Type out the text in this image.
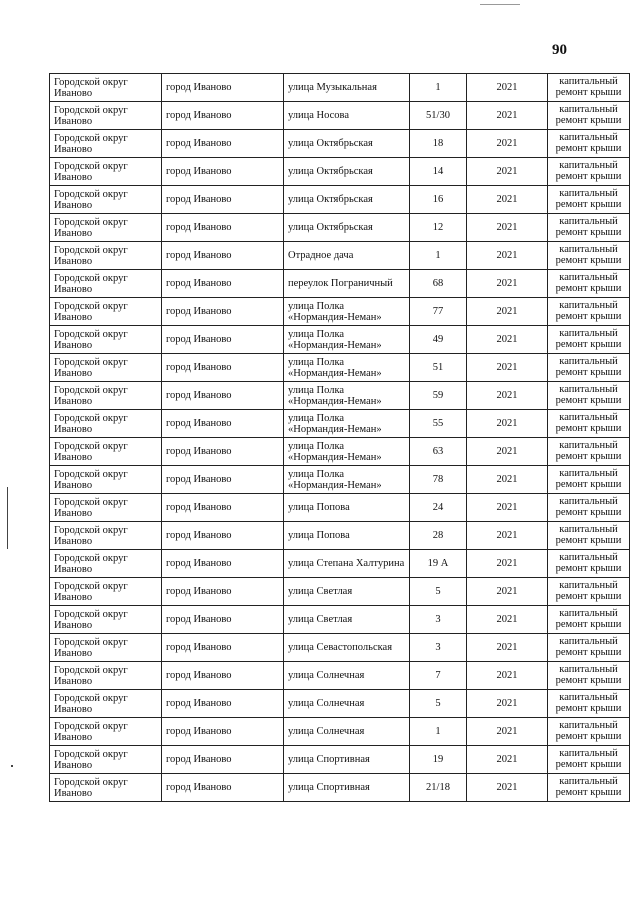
90
Городской округ Иваново	город Иваново	улица Музыкальная	1	2021	капитальный ремонт крыши
Городской округ Иваново	город Иваново	улица Носова	51/30	2021	капитальный ремонт крыши
Городской округ Иваново	город Иваново	улица Октябрьская	18	2021	капитальный ремонт крыши
Городской округ Иваново	город Иваново	улица Октябрьская	14	2021	капитальный ремонт крыши
Городской округ Иваново	город Иваново	улица Октябрьская	16	2021	капитальный ремонт крыши
Городской округ Иваново	город Иваново	улица Октябрьская	12	2021	капитальный ремонт крыши
Городской округ Иваново	город Иваново	Отрадное дача	1	2021	капитальный ремонт крыши
Городской округ Иваново	город Иваново	переулок Пограничный	68	2021	капитальный ремонт крыши
Городской округ Иваново	город Иваново	улица Полка «Нормандия-Неман»	77	2021	капитальный ремонт крыши
Городской округ Иваново	город Иваново	улица Полка «Нормандия-Неман»	49	2021	капитальный ремонт крыши
Городской округ Иваново	город Иваново	улица Полка «Нормандия-Неман»	51	2021	капитальный ремонт крыши
Городской округ Иваново	город Иваново	улица Полка «Нормандия-Неман»	59	2021	капитальный ремонт крыши
Городской округ Иваново	город Иваново	улица Полка «Нормандия-Неман»	55	2021	капитальный ремонт крыши
Городской округ Иваново	город Иваново	улица Полка «Нормандия-Неман»	63	2021	капитальный ремонт крыши
Городской округ Иваново	город Иваново	улица Полка «Нормандия-Неман»	78	2021	капитальный ремонт крыши
Городской округ Иваново	город Иваново	улица Попова	24	2021	капитальный ремонт крыши
Городской округ Иваново	город Иваново	улица Попова	28	2021	капитальный ремонт крыши
Городской округ Иваново	город Иваново	улица Степана Халтурина	19 А	2021	капитальный ремонт крыши
Городской округ Иваново	город Иваново	улица Светлая	5	2021	капитальный ремонт крыши
Городской округ Иваново	город Иваново	улица Светлая	3	2021	капитальный ремонт крыши
Городской округ Иваново	город Иваново	улица Севастопольская	3	2021	капитальный ремонт крыши
Городской округ Иваново	город Иваново	улица Солнечная	7	2021	капитальный ремонт крыши
Городской округ Иваново	город Иваново	улица Солнечная	5	2021	капитальный ремонт крыши
Городской округ Иваново	город Иваново	улица Солнечная	1	2021	капитальный ремонт крыши
Городской округ Иваново	город Иваново	улица Спортивная	19	2021	капитальный ремонт крыши
Городской округ Иваново	город Иваново	улица Спортивная	21/18	2021	капитальный ремонт крыши
